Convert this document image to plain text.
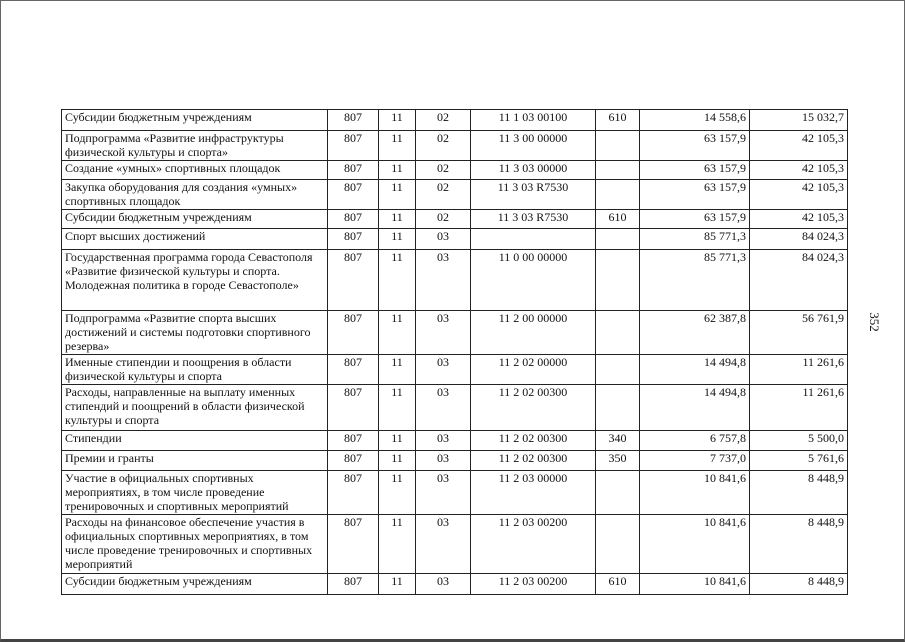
352
Субсидии бюджетным учреждениям	807	11	02	11 1 03 00100	610	14 558,6	15 032,7
Подпрограмма «Развитие инфраструктуры физической культуры и спорта»	807	11	02	11 3 00 00000		63 157,9	42 105,3
Создание «умных» спортивных площадок	807	11	02	11 3 03 00000		63 157,9	42 105,3
Закупка оборудования для создания «умных» спортивных площадок	807	11	02	11 3 03 R7530		63 157,9	42 105,3
Субсидии бюджетным учреждениям	807	11	02	11 3 03 R7530	610	63 157,9	42 105,3
Спорт высших достижений	807	11	03			85 771,3	84 024,3
Государственная программа города Севастополя «Развитие физической культуры и спорта. Молодежная политика в городе Севастополе»	807	11	03	11 0 00 00000		85 771,3	84 024,3
Подпрограмма «Развитие спорта высших достижений и системы подготовки спортивного резерва»	807	11	03	11 2 00 00000		62 387,8	56 761,9
Именные стипендии и поощрения в области физической культуры и спорта	807	11	03	11 2 02 00000		14 494,8	11 261,6
Расходы, направленные на выплату именных стипендий и поощрений в области физической культуры и спорта	807	11	03	11 2 02 00300		14 494,8	11 261,6
Стипендии	807	11	03	11 2 02 00300	340	6 757,8	5 500,0
Премии и гранты	807	11	03	11 2 02 00300	350	7 737,0	5 761,6
Участие в официальных спортивных мероприятиях, в том числе проведение тренировочных и спортивных мероприятий	807	11	03	11 2 03 00000		10 841,6	8 448,9
Расходы на финансовое обеспечение участия в официальных спортивных мероприятиях, в том числе проведение тренировочных и спортивных мероприятий	807	11	03	11 2 03 00200		10 841,6	8 448,9
Субсидии бюджетным учреждениям	807	11	03	11 2 03 00200	610	10 841,6	8 448,9
